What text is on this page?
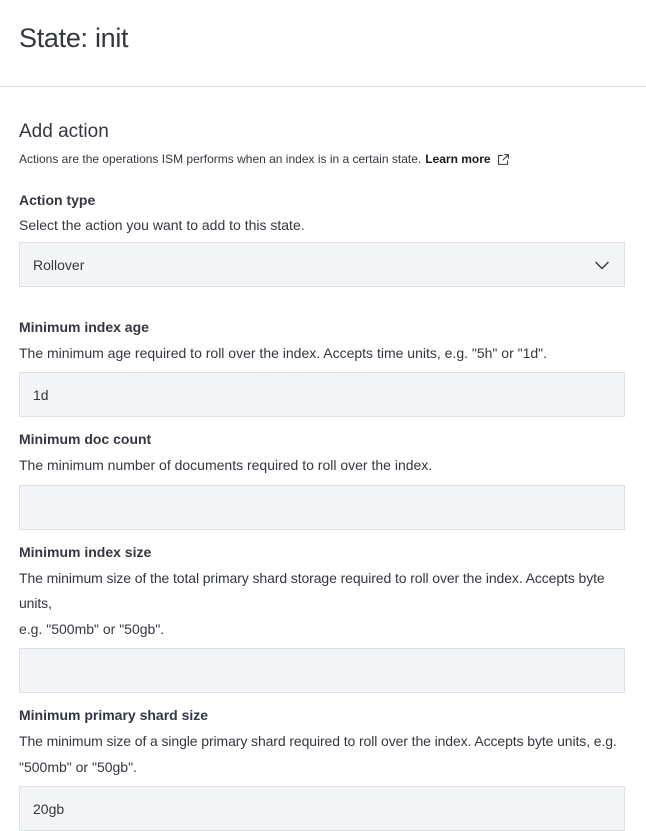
State: init
Add action

Actions are the operations ISM performs when an index is in a certain state. Learn more

Action type

Select the action you want to add to this state.

Rollover

Minimum index age

The minimum age required to roll over the index. Accepts time units, e.g. "5h" or "1d".

1d

Minimum doc count

The minimum number of documents required to roll over the index.

Minimum index size

The minimum size of the total primary shard storage required to roll over the index. Accepts byte units,

e.g. "500mb" or "50gb".

Minimum primary shard size

The minimum size of a single primary shard required to roll over the index. Accepts byte units, e.g.

"500mb" or "50gb".

20gb
